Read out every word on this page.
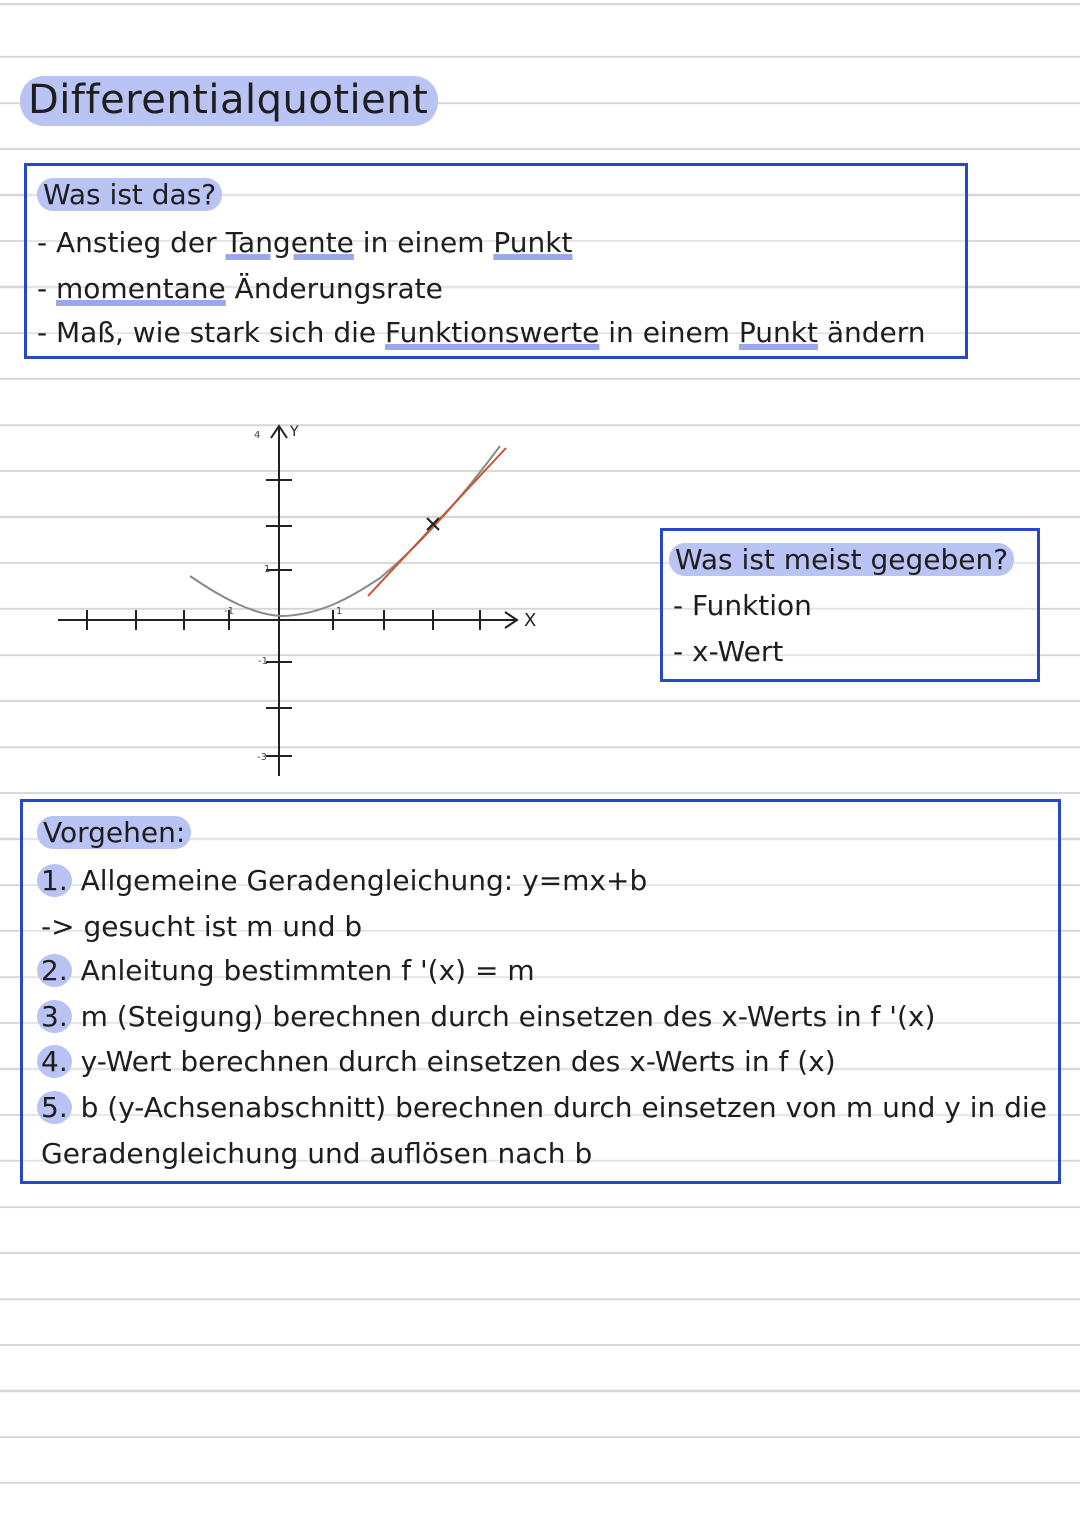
Differentialquotient
Was ist das?
- Anstieg der Tangente in einem Punkt
- momentane Änderungsrate
- Maß, wie stark sich die Funktionswerte in einem Punkt ändern
X
Y
4
1
-1
-3
1
-1
Was ist meist gegeben?
- Funktion
- x-Wert
Vorgehen:
1. Allgemeine Geradengleichung: y=mx+b
-> gesucht ist m und b
2. Anleitung bestimmten f '(x) = m
3. m (Steigung) berechnen durch einsetzen des x-Werts in f '(x)
4. y-Wert berechnen durch einsetzen des x-Werts in f (x)
5. b (y-Achsenabschnitt) berechnen durch einsetzen von m und y in die
Geradengleichung und auflösen nach b
